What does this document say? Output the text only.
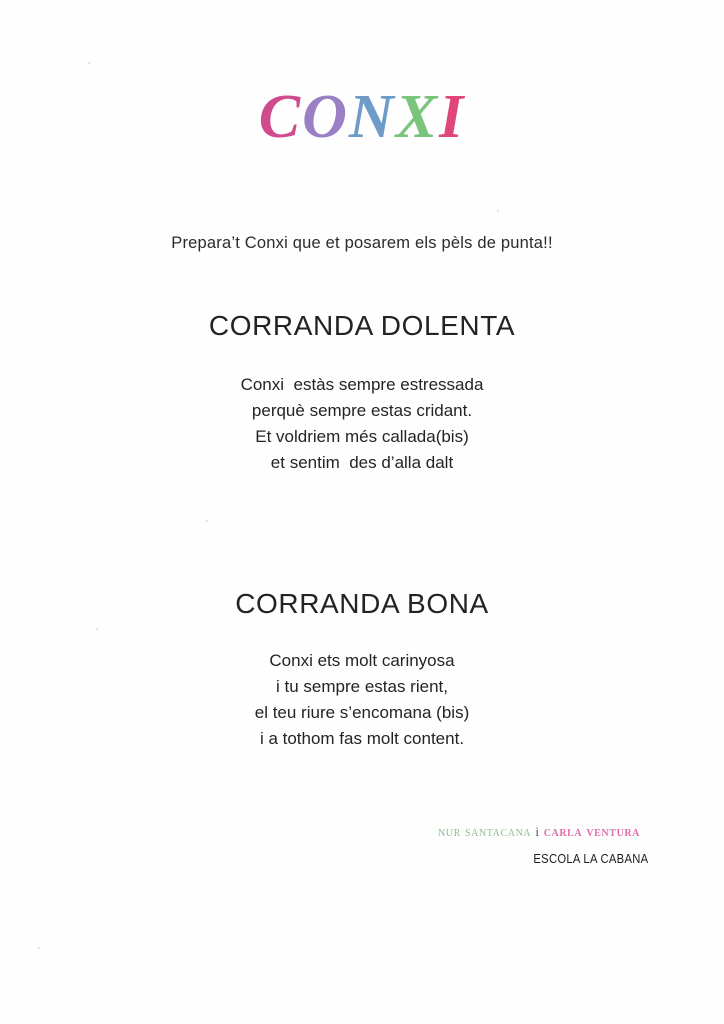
CONXI
Prepara’t Conxi que et posarem els pèls de punta!!
CORRANDA DOLENTA
Conxi  estàs sempre estressada
perquè sempre estas cridant.
Et voldriem més callada(bis)
et sentim  des d’alla dalt
CORRANDA BONA
Conxi ets molt carinyosa
i tu sempre estas rient,
el teu riure s’encomana (bis)
i a tothom fas molt content.
nur santacana i carla ventura
ESCOLA LA CABANA
